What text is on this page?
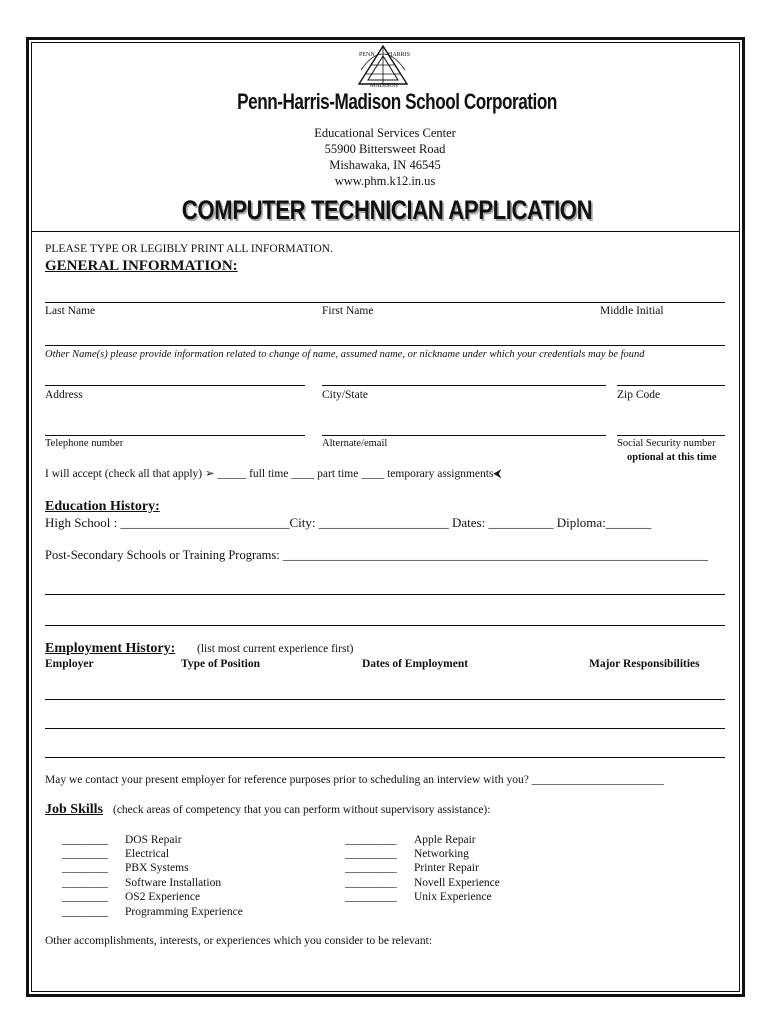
PENN HARRIS
MADISON
Penn-Harris-Madison School Corporation
Educational Services Center
55900 Bittersweet Road
Mishawaka, IN 46545
www.phm.k12.in.us
COMPUTER TECHNICIAN APPLICATION
PLEASE TYPE OR LEGIBLY PRINT ALL INFORMATION.
GENERAL INFORMATION:
Last Name	First Name	Middle Initial
Other Name(s) please provide information related to change of name, assumed name, or nickname under which your credentials may be found
Address	City/State	Zip Code
Telephone number	Alternate/email	Social Security number
optional at this time
I will accept (check all that apply) ➢ _____ full time ____ part time ____ temporary assignments⮜
Education History:
High School : __________________________City: ____________________ Dates: __________ Diploma:_______
Post-Secondary Schools or Training Programs: ____________________________________________________________________
Employment History: (list most current experience first)
Employer	Type of Position	Dates of Employment	Major Responsibilities
May we contact your present employer for reference purposes prior to scheduling an interview with you? _______________________
Job Skills (check areas of competency that you can perform without supervisory assistance):
________ DOS Repair
________ Electrical
________ PBX Systems
________ Software Installation
________ OS2 Experience
________ Programming Experience
_________ Apple Repair
_________ Networking
_________ Printer Repair
_________ Novell Experience
_________ Unix Experience
Other accomplishments, interests, or experiences which you consider to be relevant:
